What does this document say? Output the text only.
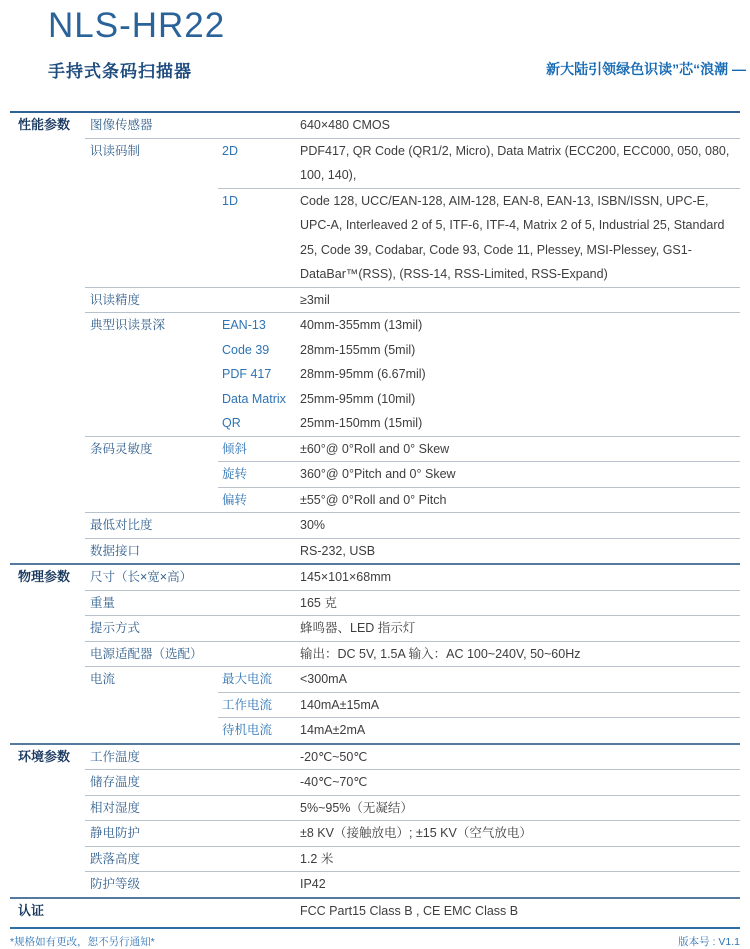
NLS-HR22
手持式条码扫描器	新大陆引领绿色识读”芯“浪潮 —
性能参数	图像传感器	640×480 CMOS
识读码制	2D	PDF417, QR Code (QR1/2, Micro), Data Matrix (ECC200, ECC000, 050, 080, 100, 140),
1D	Code 128, UCC/EAN-128, AIM-128, EAN-8, EAN-13, ISBN/ISSN, UPC-E, UPC-A, Interleaved 2 of 5, ITF-6, ITF-4, Matrix 2 of 5, Industrial 25, Standard 25, Code 39, Codabar, Code 93, Code 11, Plessey, MSI-Plessey, GS1-DataBar™(RSS), (RSS-14, RSS-Limited, RSS-Expand)
识读精度	≥3mil
典型识读景深	EAN-13	40mm-355mm (13mil)
Code 39	28mm-155mm (5mil)
PDF 417	28mm-95mm (6.67mil)
Data Matrix	25mm-95mm (10mil)
QR	25mm-150mm (15mil)
条码灵敏度	倾斜	±60°@ 0°Roll and 0° Skew
旋转	360°@ 0°Pitch and 0° Skew
偏转	±55°@ 0°Roll and 0° Pitch
最低对比度	30%
数据接口	RS-232, USB
物理参数	尺寸（长×宽×高）	145×101×68mm
重量	165 克
提示方式	蜂鸣器、LED 指示灯
电源适配器（选配）	输出：DC 5V, 1.5A 输入：AC 100~240V, 50~60Hz
电流	最大电流	<300mA
工作电流	140mA±15mA
待机电流	14mA±2mA
环境参数	工作温度	-20℃~50℃
储存温度	-40℃~70℃
相对湿度	5%~95%（无凝结）
静电防护	±8 KV（接触放电）; ±15 KV（空气放电）
跌落高度	1.2 米
防护等级	IP42
认证	FCC Part15 Class B , CE EMC Class B
*规格如有更改，恕不另行通知*	版本号 : V1.1
